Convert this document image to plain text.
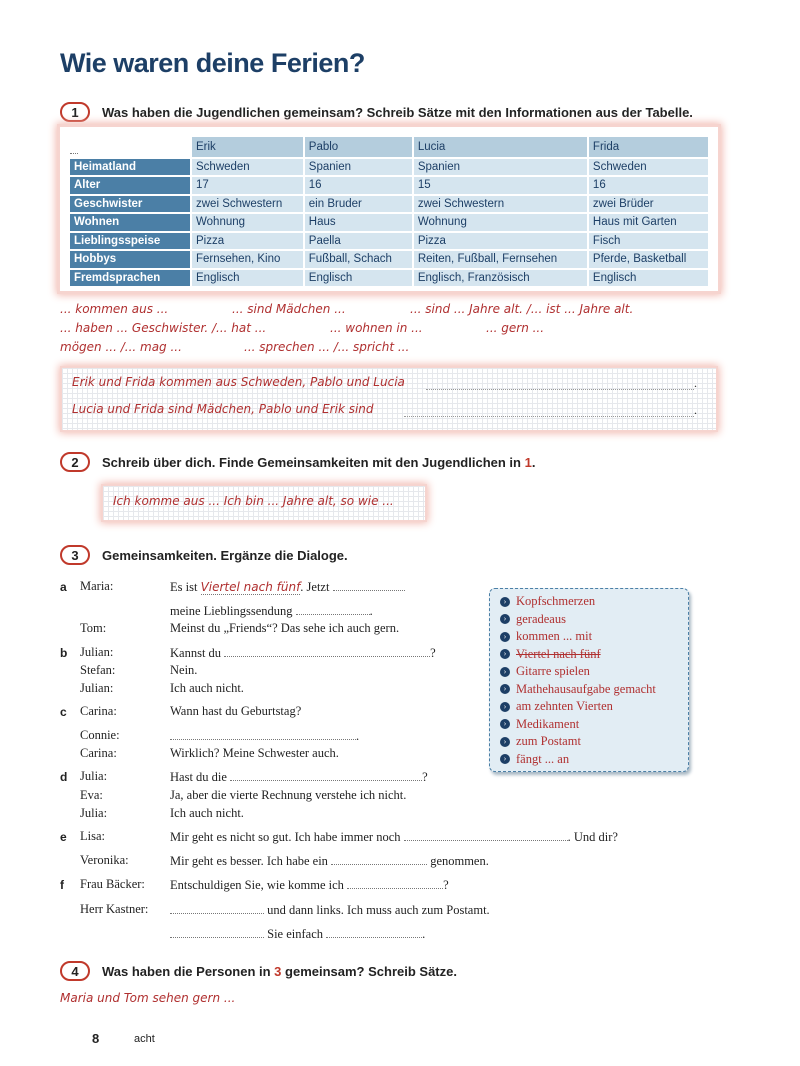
Wie waren deine Ferien?
1	Was haben die Jugendlichen gemeinsam? Schreib Sätze mit den Informationen aus der Tabelle.
Erik	Pablo	Lucia	Frida
Heimatland	Schweden	Spanien	Spanien	Schweden
Alter	17	16	15	16
Geschwister	zwei Schwestern	ein Bruder	zwei Schwestern	zwei Brüder
Wohnen	Wohnung	Haus	Wohnung	Haus mit Garten
Lieblingsspeise	Pizza	Paella	Pizza	Fisch
Hobbys	Fernsehen, Kino	Fußball, Schach	Reiten, Fußball, Fernsehen	Pferde, Basketball
Fremdsprachen	Englisch	Englisch	Englisch, Französisch	Englisch
... kommen aus ...	... sind Mädchen ...	... sind ... Jahre alt. /... ist ... Jahre alt.
... haben ... Geschwister. /... hat ...	... wohnen in ...	... gern ...
mögen ... /... mag ...	... sprechen ... /... spricht ...
Erik und Frida kommen aus Schweden, Pablo und Lucia	.
Lucia und Frida sind Mädchen, Pablo und Erik sind	.
2	Schreib über dich. Finde Gemeinsamkeiten mit den Jugendlichen in 1.
Ich komme aus ... Ich bin ... Jahre alt, so wie ...
3	Gemeinsamkeiten. Ergänze die Dialoge.
a Maria:	Es ist Viertel nach fünf. Jetzt
meine Lieblingssendung	.
Tom:	Meinst du „Friends“? Das sehe ich auch gern.
b Julian:	Kannst du	?
Stefan:	Nein.
Julian:	Ich auch nicht.
c Carina:	Wann hast du Geburtstag?
Connie:	.
Carina:	Wirklich? Meine Schwester auch.
d Julia:	Hast du die	?
Eva:	Ja, aber die vierte Rechnung verstehe ich nicht.
Julia:	Ich auch nicht.
e Lisa:	Mir geht es nicht so gut. Ich habe immer noch	. Und dir?
Veronika:	Mir geht es besser. Ich habe ein	genommen.
f Frau Bäcker: Entschuldigen Sie, wie komme ich	?
Herr Kastner:	und dann links. Ich muss auch zum Postamt.
Sie einfach	.
› Kopfschmerzen
› geradeaus
› kommen ... mit
› Viertel nach fünf
› Gitarre spielen
› Mathehausaufgabe gemacht
› am zehnten Vierten
› Medikament
› zum Postamt
› fängt ... an
4	Was haben die Personen in 3 gemeinsam? Schreib Sätze.
Maria und Tom sehen gern ...
8	acht
